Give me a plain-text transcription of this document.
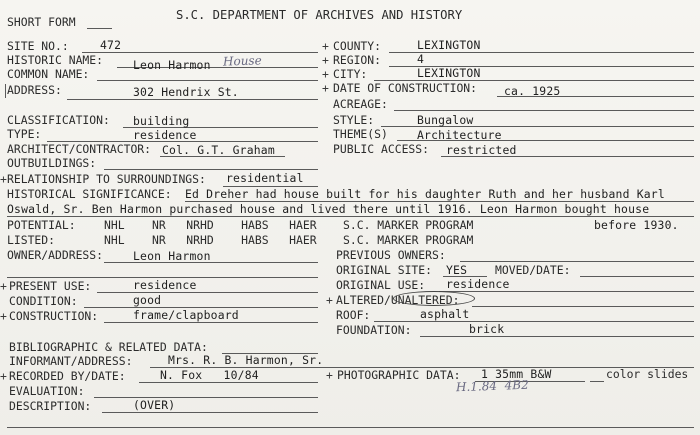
SHORT FORM	S.C. DEPARTMENT OF ARCHIVES AND HISTORY
SITE NO.:	472
HISTORIC NAME:	Leon Harmon House
COMMON NAME:
ADDRESS:	302 Hendrix St.
+ COUNTY:	LEXINGTON
+ REGION:	4
+ CITY:	LEXINGTON
+ DATE OF CONSTRUCTION: ca. 1925
ACREAGE:
CLASSIFICATION: building
TYPE:	residence
ARCHITECT/CONTRACTOR: Col. G.T. Graham
OUTBUILDINGS:
STYLE:	Bungalow
THEME(S)	Architecture
PUBLIC ACCESS: restricted
+ RELATIONSHIP TO SURROUNDINGS: residential
HISTORICAL SIGNIFICANCE: Ed Dreher had house built for his daughter Ruth and her husband Karl
Oswald, Sr. Ben Harmon purchased house and lived there until 1916. Leon Harmon bought house
before 1930.
POTENTIAL: NHL    NR   NRHD    HABS   HAER
LISTED:	NHL    NR   NRHD    HABS   HAER
S.C. MARKER PROGRAM
S.C. MARKER PROGRAM
OWNER/ADDRESS:	Leon Harmon	PREVIOUS OWNERS:
ORIGINAL SITE: YES MOVED/DATE:
+ PRESENT USE:	residence
CONDITION:	good
+ CONSTRUCTION:	frame/clapboard
ORIGINAL USE: residence
+ ALTERED/UNALTERED:
ROOF:	asphalt
FOUNDATION:	brick
BIBLIOGRAPHIC & RELATED DATA:
INFORMANT/ADDRESS:	Mrs. R. B. Harmon, Sr.
+ RECORDED BY/DATE:	N. Fox   10/84	+ PHOTOGRAPHIC DATA: 1 35mm B&W
H.1.84  4B2
color slides
EVALUATION:
DESCRIPTION:	(OVER)
